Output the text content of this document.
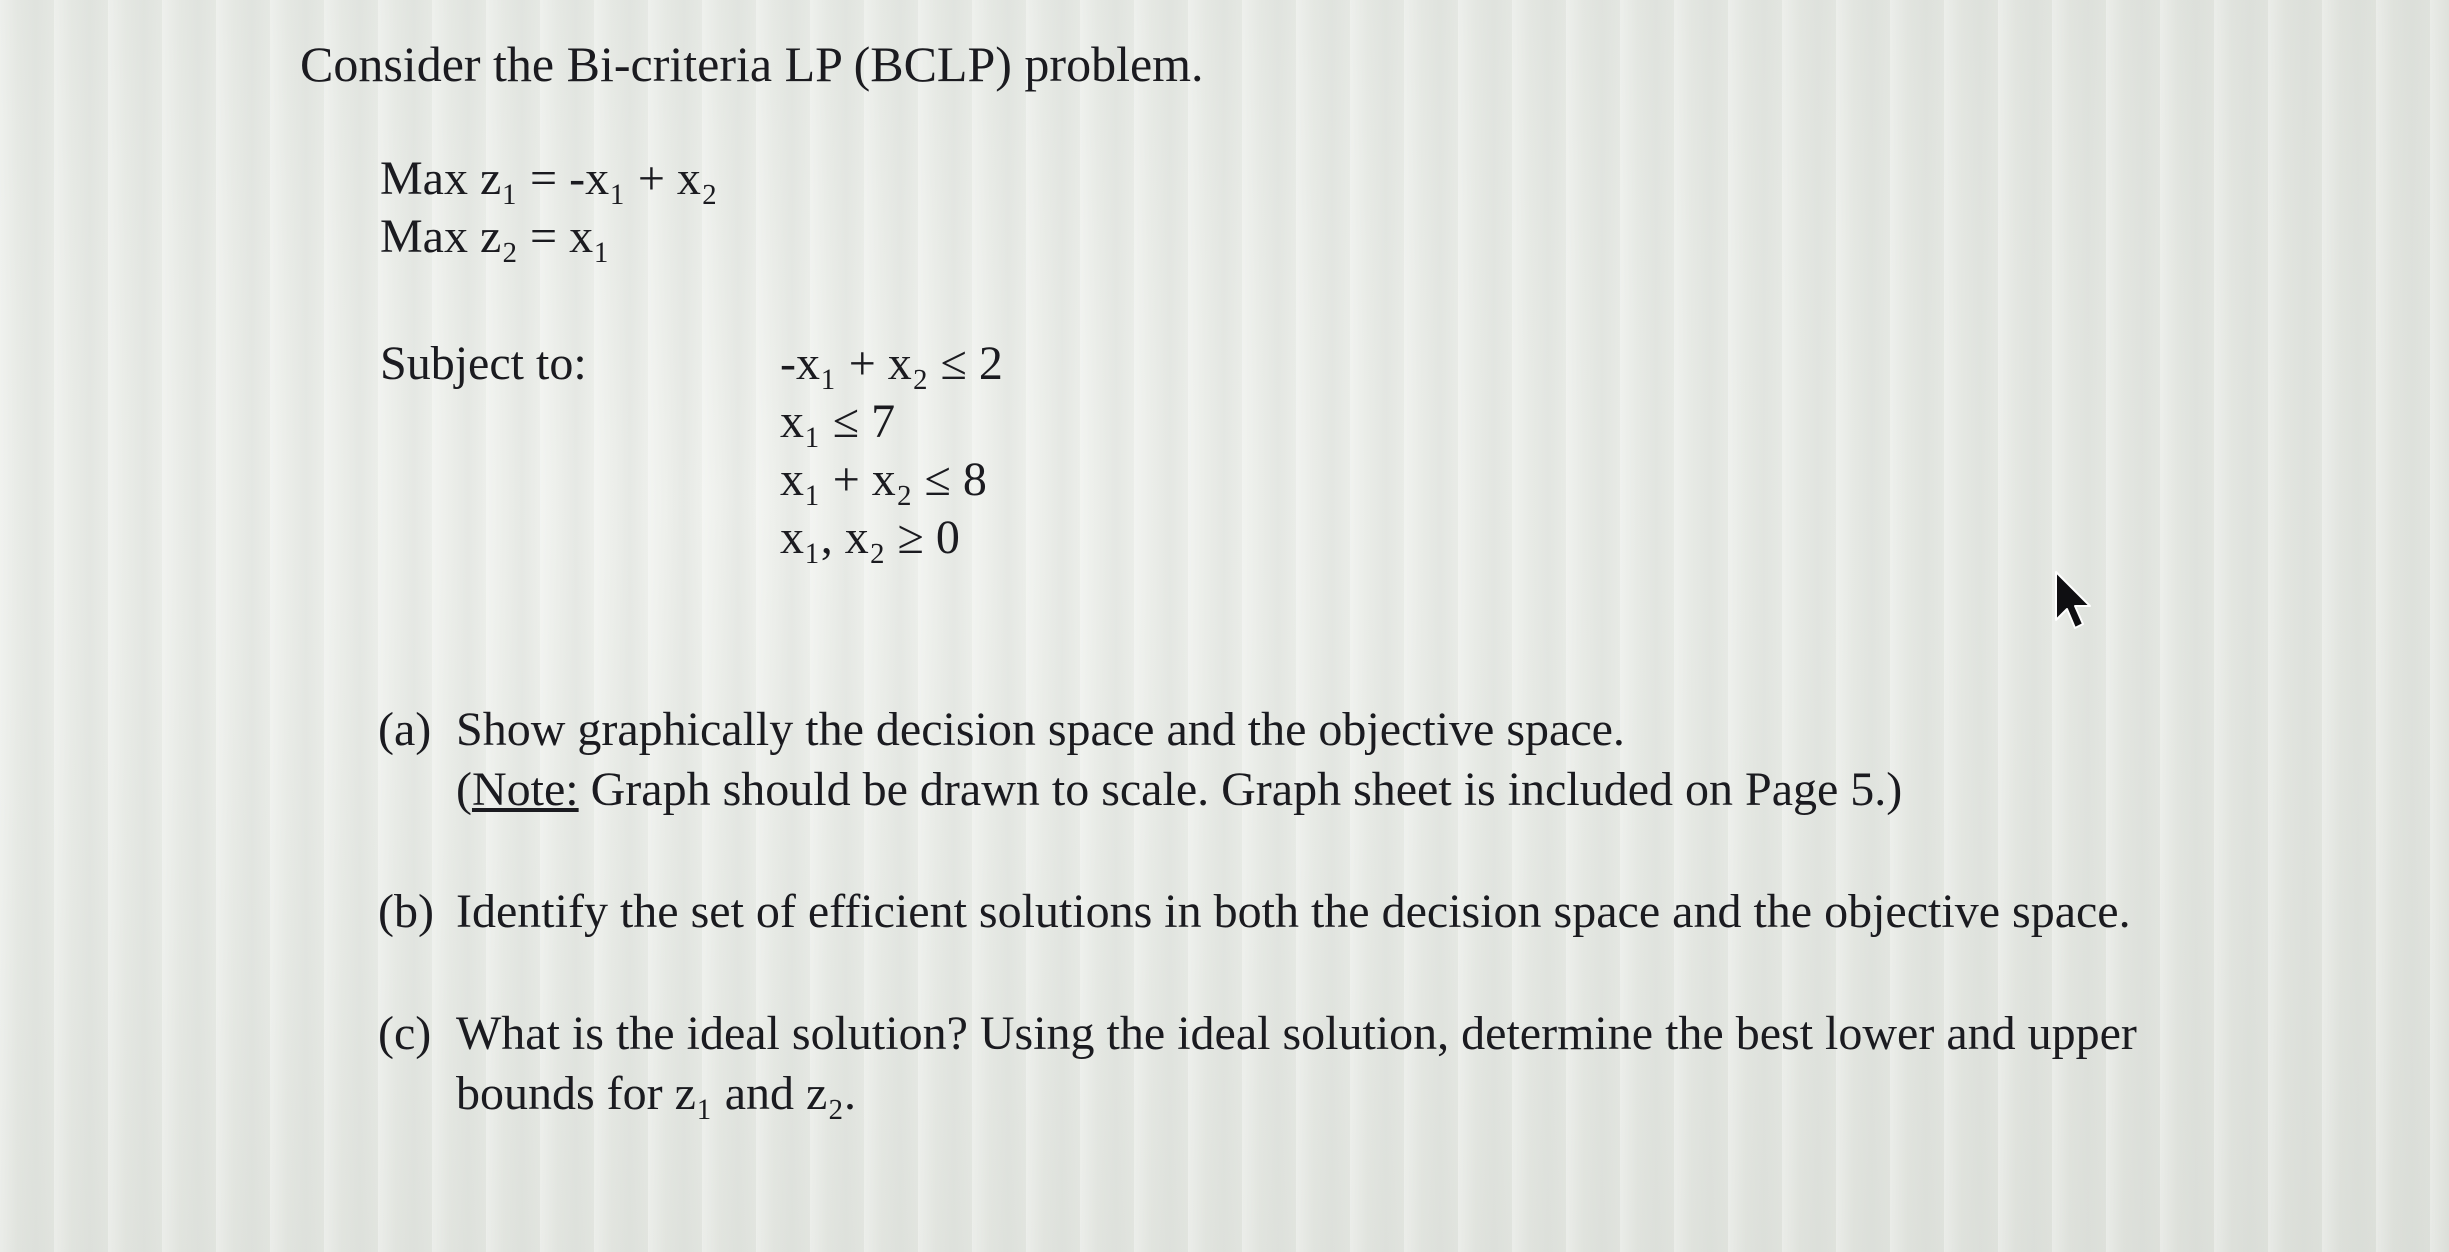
Consider the Bi-criteria LP (BCLP) problem.

Max z₁ = -x₁ + x₂
Max z₂ = x₁
Subject to:	-x₁ + x₂ ≤ 2
x₁ ≤ 7
x₁ + x₂ ≤ 8
x₁, x₂ ≥ 0
(a) Show graphically the decision space and the objective space.
(Note: Graph should be drawn to scale. Graph sheet is included on Page 5.)
(b) Identify the set of efficient solutions in both the decision space and the objective space.
(c) What is the ideal solution? Using the ideal solution, determine the best lower and upper bounds for z₁ and z₂.
